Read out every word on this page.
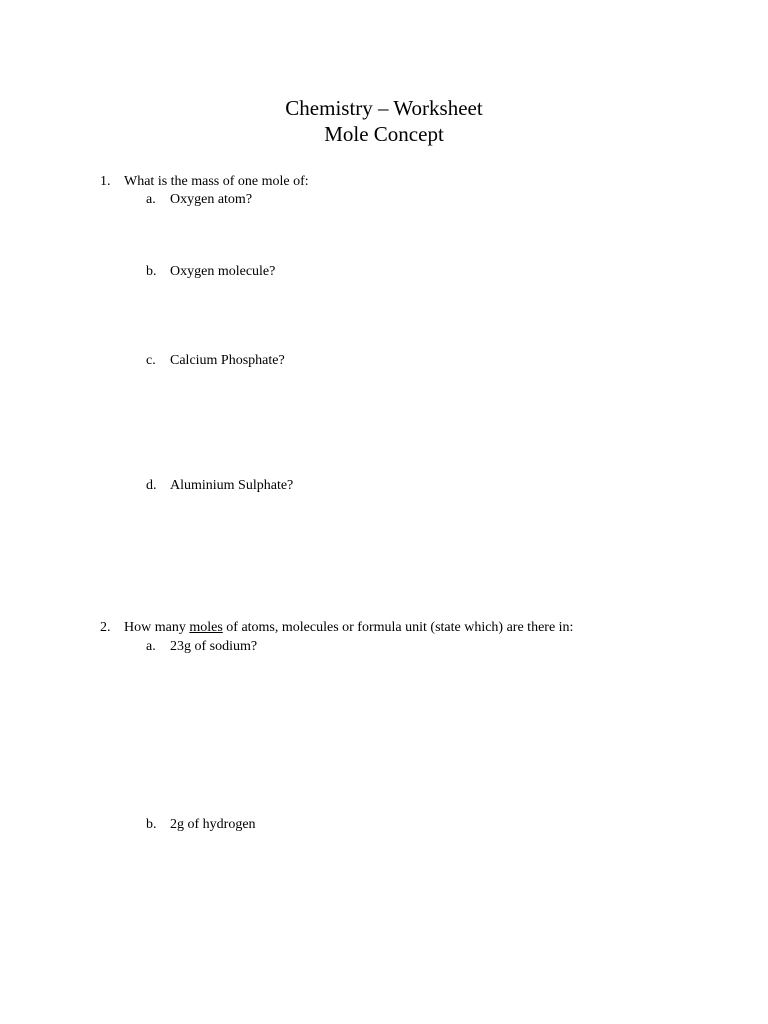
Chemistry – Worksheet
Mole Concept
1. What is the mass of one mole of:
a. Oxygen atom?
b. Oxygen molecule?
c. Calcium Phosphate?
d. Aluminium Sulphate?
2. How many moles of atoms, molecules or formula unit (state which) are there in:
a. 23g of sodium?
b. 2g of hydrogen
